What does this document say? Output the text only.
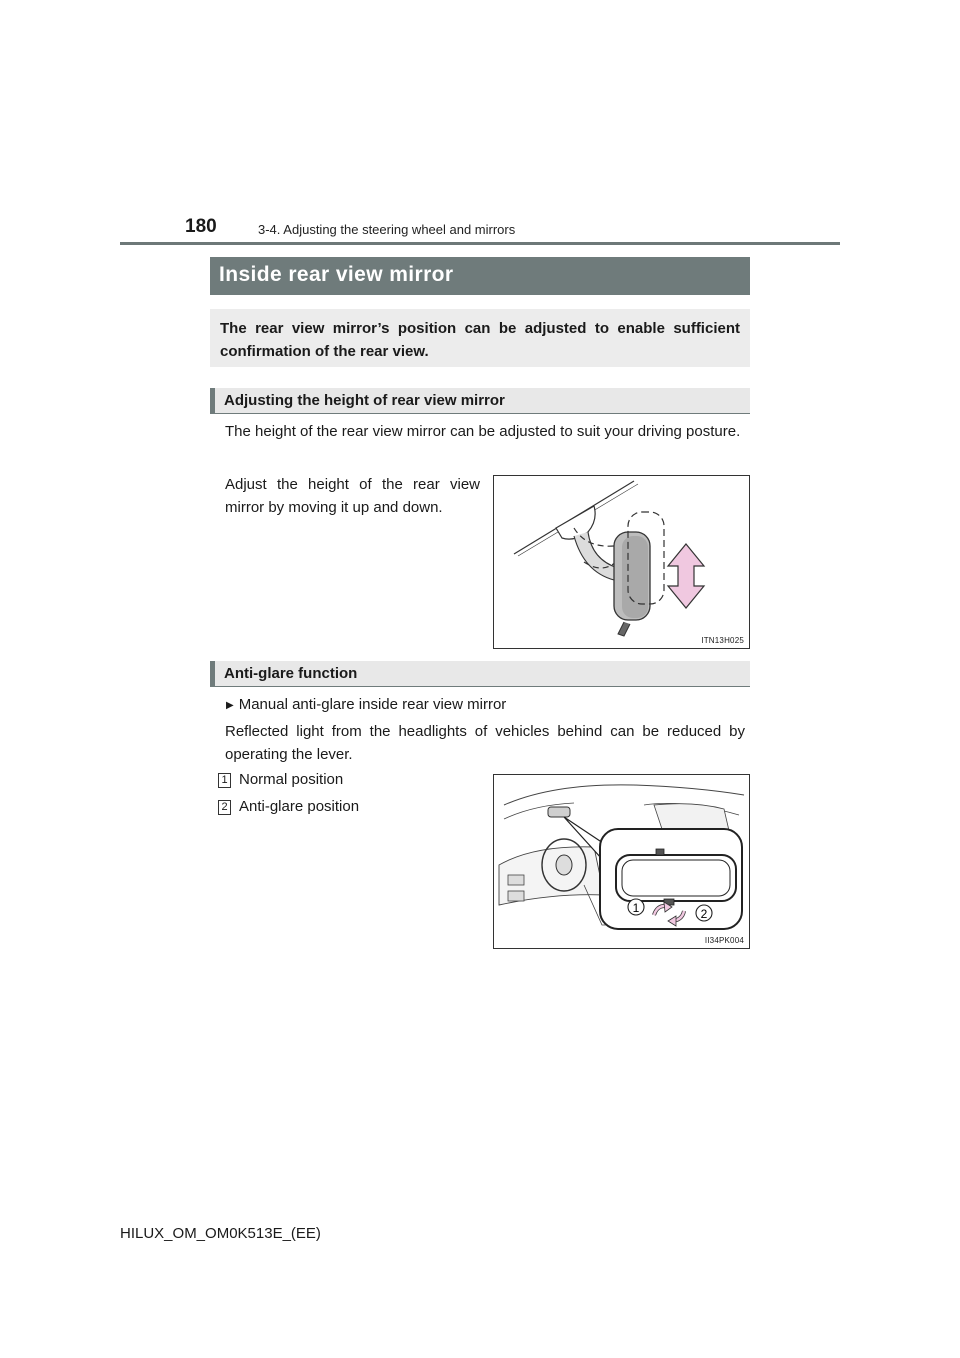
180	3-4. Adjusting the steering wheel and mirrors
Inside rear view mirror
The rear view mirror’s position can be adjusted to enable sufficient confirmation of the rear view.
Adjusting the height of rear view mirror
The height of the rear view mirror can be adjusted to suit your driving posture.
Adjust the height of the rear view mirror by moving it up and down.
ITN13H025
Anti-glare function
▶ Manual anti-glare inside rear view mirror
Reflected light from the headlights of vehicles behind can be reduced by operating the lever.
1 Normal position
2 Anti-glare position
1	2
II34PK004
HILUX_OM_OM0K513E_(EE)
